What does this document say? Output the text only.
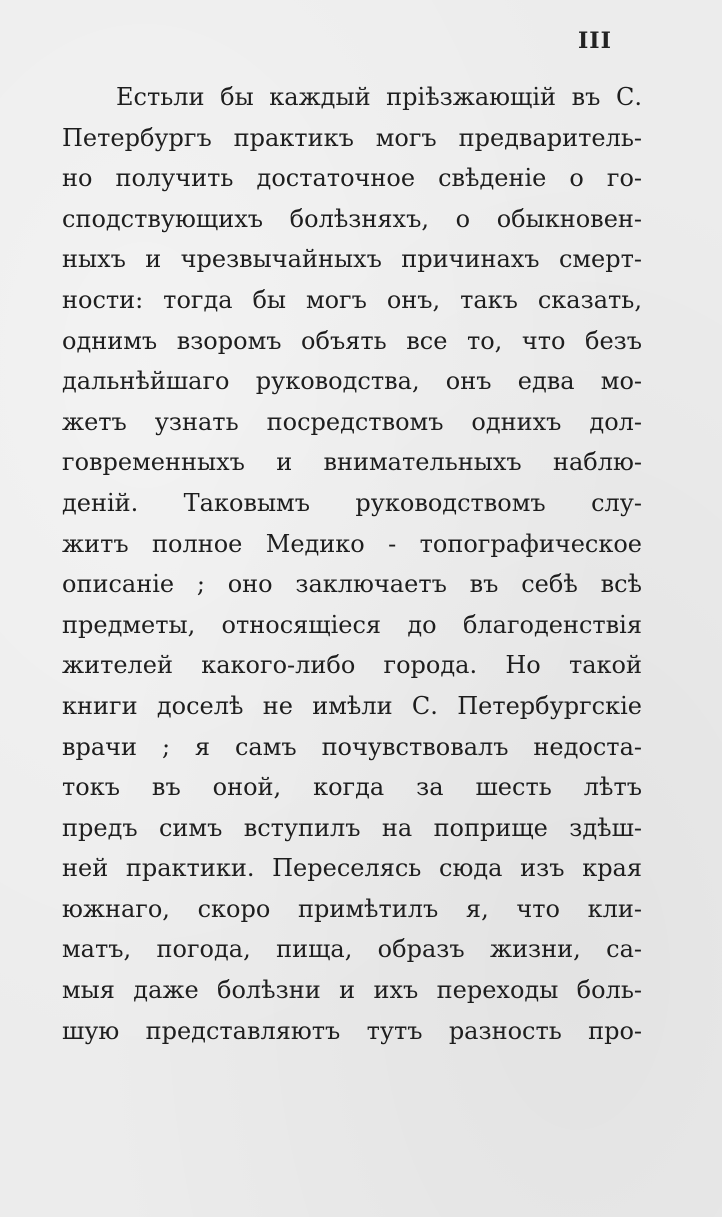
III
Естьли бы каждый пріѣзжающій въ С.
Петербургъ практикъ могъ предваритель-
но получить достаточное свѣденіе о го-
сподствующихъ болѣзняхъ, о обыкновен-
ныхъ и чрезвычайныхъ причинахъ смерт-
ности: тогда бы могъ онъ, такъ сказать,
однимъ взоромъ объять все то, что безъ
дальнѣйшаго руководства, онъ едва мо-
жетъ узнать посредствомъ однихъ дол-
говременныхъ и внимательныхъ наблю-
деній. Таковымъ руководствомъ слу-
житъ полное Медико - топографическое
описаніе ; оно заключаетъ въ себѣ всѣ
предметы, относящіеся до благоденствія
жителей какого-либо города. Но такой
книги доселѣ не имѣли С. Петербургскіе
врачи ; я самъ почувствовалъ недоста-
токъ въ оной, когда за шесть лѣтъ
предъ симъ вступилъ на поприще здѣш-
ней практики. Переселясь сюда изъ края
южнаго, скоро примѣтилъ я, что кли-
матъ, погода, пища, образъ жизни, са-
мыя даже болѣзни и ихъ переходы боль-
шую представляютъ тутъ разность про-
